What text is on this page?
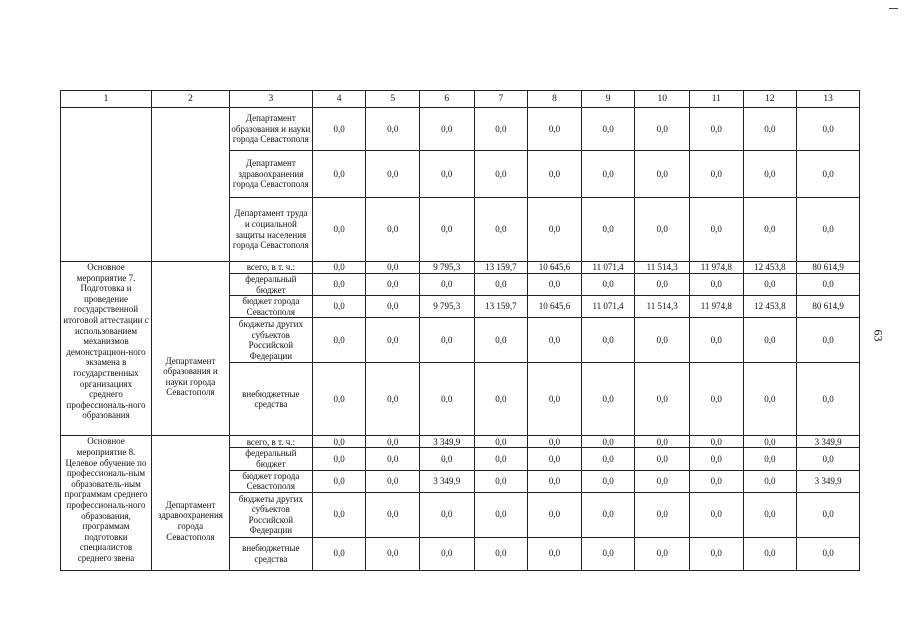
1	2	3	4	5	6	7	8	9	10	11	12	13
		Департамент образования и науки города Севастополя	0,0	0,0	0,0	0,0	0,0	0,0	0,0	0,0	0,0	0,0
		Департамент здравоохранения города Севастополя	0,0	0,0	0,0	0,0	0,0	0,0	0,0	0,0	0,0	0,0
		Департамент труда и социальной защиты населения города Севастополя	0,0	0,0	0,0	0,0	0,0	0,0	0,0	0,0	0,0	0,0
Основное мероприятие 7. Подготовка и проведение государственной итоговой аттестации с использованием механизмов демонстрацион-ного экзамена в государственных организациях среднего профессиональ-ного образования	Департамент образования и науки города Севастополя	всего, в т. ч.:	0,0	0,0	9 795,3	13 159,7	10 645,6	11 071,4	11 514,3	11 974,8	12 453,8	80 614,9
		федеральный бюджет	0,0	0,0	0,0	0,0	0,0	0,0	0,0	0,0	0,0	0,0
		бюджет города Севастополя	0,0	0,0	9 795,3	13 159,7	10 645,6	11 071,4	11 514,3	11 974,8	12 453,8	80 614,9
		бюджеты других субъектов Российской Федерации	0,0	0,0	0,0	0,0	0,0	0,0	0,0	0,0	0,0	0,0
		внебюджетные средства	0,0	0,0	0,0	0,0	0,0	0,0	0,0	0,0	0,0	0,0
Основное мероприятие 8. Целевое обучение по профессиональ-ным образователь-ным программам среднего профессиональ-ного образования, программам подготовки специалистов среднего звена	Департамент здравоохранения города Севастополя	всего, в т. ч.:	0,0	0,0	3 349,9	0,0	0,0	0,0	0,0	0,0	0,0	3 349,9
		федеральный бюджет	0,0	0,0	0,0	0,0	0,0	0,0	0,0	0,0	0,0	0,0
		бюджет города Севастополя	0,0	0,0	3 349,9	0,0	0,0	0,0	0,0	0,0	0,0	3 349,9
		бюджеты других субъектов Российской Федерации	0,0	0,0	0,0	0,0	0,0	0,0	0,0	0,0	0,0	0,0
		внебюджетные средства	0,0	0,0	0,0	0,0	0,0	0,0	0,0	0,0	0,0	0,0
63
